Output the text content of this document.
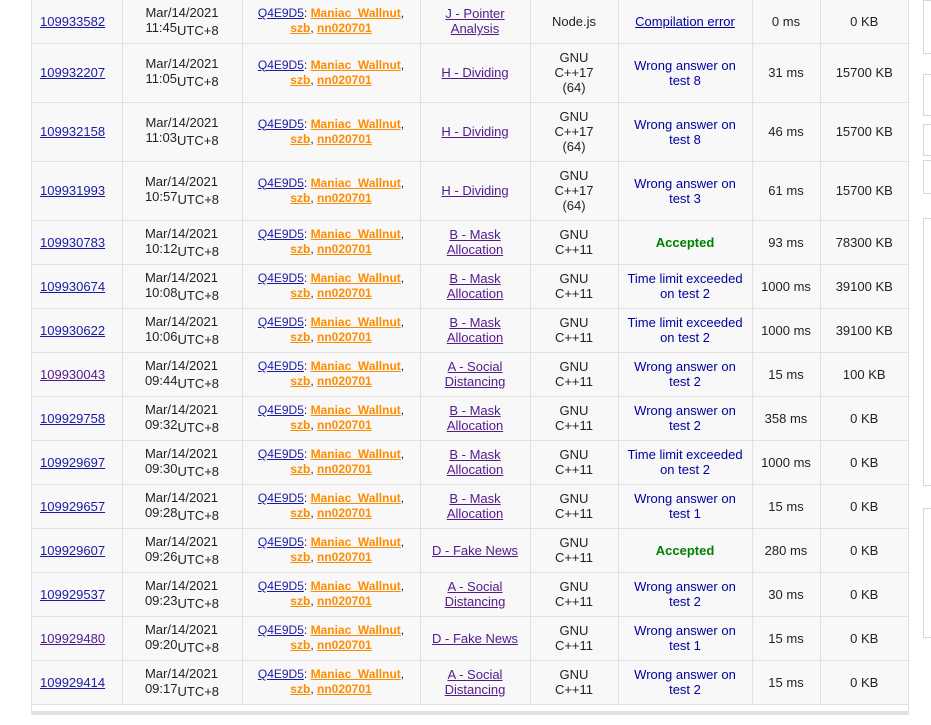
109933582	Mar/14/2021
11:45UTC+8	Q4E9D5: Maniac_Wallnut,
szb, nn020701	J - Pointer
Analysis	Node.js	Compilation error	0 ms	0 KB
109932207	Mar/14/2021
11:05UTC+8	Q4E9D5: Maniac_Wallnut,
szb, nn020701	H - Dividing	GNU
C++17
(64)	Wrong answer on
test 8	31 ms	15700 KB
109932158	Mar/14/2021
11:03UTC+8	Q4E9D5: Maniac_Wallnut,
szb, nn020701	H - Dividing	GNU
C++17
(64)	Wrong answer on
test 8	46 ms	15700 KB
109931993	Mar/14/2021
10:57UTC+8	Q4E9D5: Maniac_Wallnut,
szb, nn020701	H - Dividing	GNU
C++17
(64)	Wrong answer on
test 3	61 ms	15700 KB
109930783	Mar/14/2021
10:12UTC+8	Q4E9D5: Maniac_Wallnut,
szb, nn020701	B - Mask
Allocation	GNU
C++11	Accepted	93 ms	78300 KB
109930674	Mar/14/2021
10:08UTC+8	Q4E9D5: Maniac_Wallnut,
szb, nn020701	B - Mask
Allocation	GNU
C++11	Time limit exceeded
on test 2	1000 ms	39100 KB
109930622	Mar/14/2021
10:06UTC+8	Q4E9D5: Maniac_Wallnut,
szb, nn020701	B - Mask
Allocation	GNU
C++11	Time limit exceeded
on test 2	1000 ms	39100 KB
109930043	Mar/14/2021
09:44UTC+8	Q4E9D5: Maniac_Wallnut,
szb, nn020701	A - Social
Distancing	GNU
C++11	Wrong answer on
test 2	15 ms	100 KB
109929758	Mar/14/2021
09:32UTC+8	Q4E9D5: Maniac_Wallnut,
szb, nn020701	B - Mask
Allocation	GNU
C++11	Wrong answer on
test 2	358 ms	0 KB
109929697	Mar/14/2021
09:30UTC+8	Q4E9D5: Maniac_Wallnut,
szb, nn020701	B - Mask
Allocation	GNU
C++11	Time limit exceeded
on test 2	1000 ms	0 KB
109929657	Mar/14/2021
09:28UTC+8	Q4E9D5: Maniac_Wallnut,
szb, nn020701	B - Mask
Allocation	GNU
C++11	Wrong answer on
test 1	15 ms	0 KB
109929607	Mar/14/2021
09:26UTC+8	Q4E9D5: Maniac_Wallnut,
szb, nn020701	D - Fake News	GNU
C++11	Accepted	280 ms	0 KB
109929537	Mar/14/2021
09:23UTC+8	Q4E9D5: Maniac_Wallnut,
szb, nn020701	A - Social
Distancing	GNU
C++11	Wrong answer on
test 2	30 ms	0 KB
109929480	Mar/14/2021
09:20UTC+8	Q4E9D5: Maniac_Wallnut,
szb, nn020701	D - Fake News	GNU
C++11	Wrong answer on
test 1	15 ms	0 KB
109929414	Mar/14/2021
09:17UTC+8	Q4E9D5: Maniac_Wallnut,
szb, nn020701	A - Social
Distancing	GNU
C++11	Wrong answer on
test 2	15 ms	0 KB
